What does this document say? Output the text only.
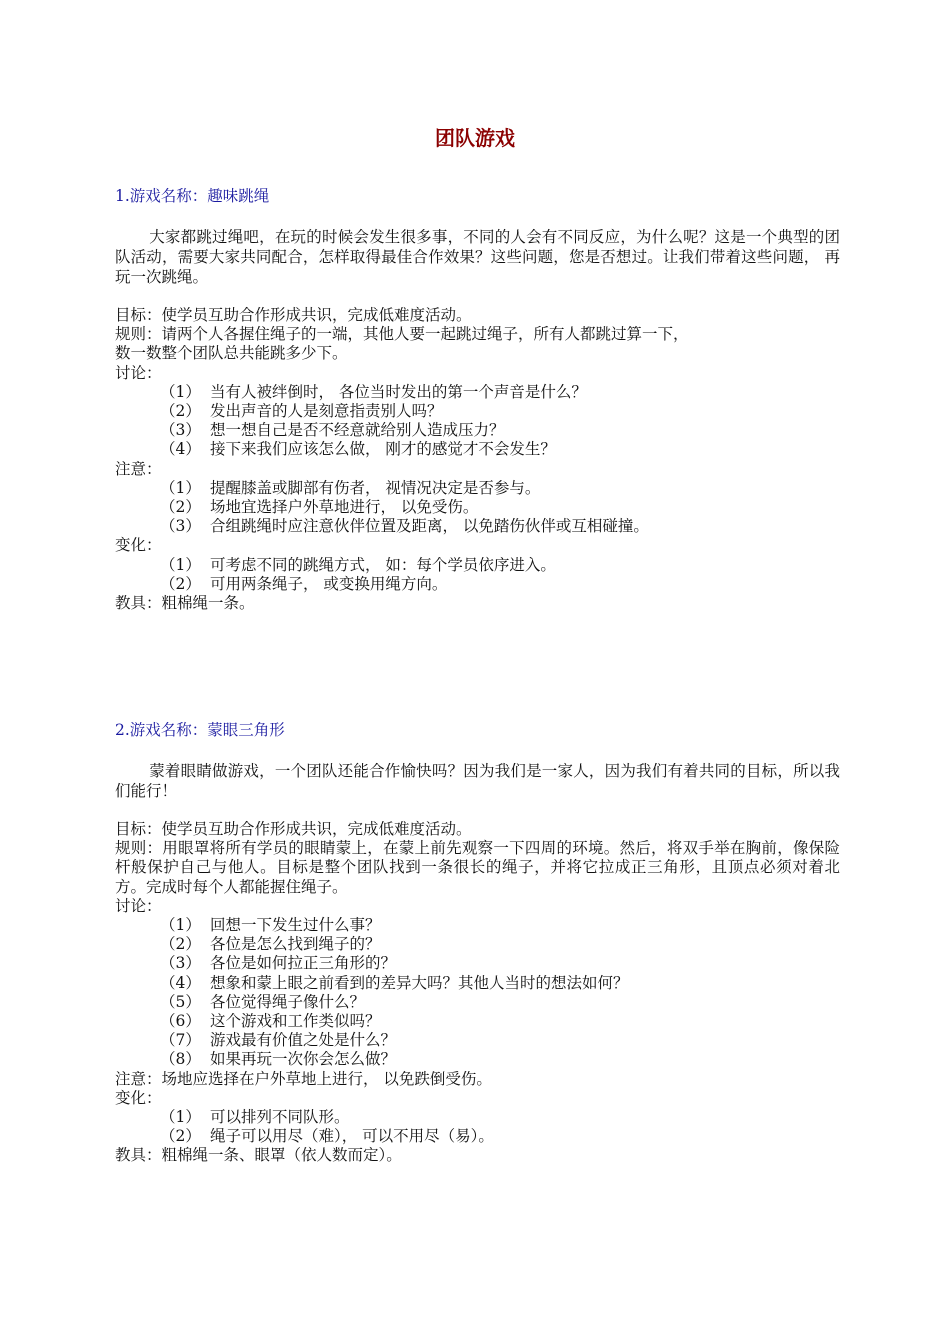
团队游戏
1.游戏名称：趣味跳绳
大家都跳过绳吧，在玩的时候会发生很多事，不同的人会有不同反应，为什么呢？这是一个典型的团队活动，需要大家共同配合，怎样取得最佳合作效果？这些问题，您是否想过。让我们带着这些问题， 再玩一次跳绳。
目标：使学员互助合作形成共识，完成低难度活动。
规则：请两个人各握住绳子的一端，其他人要一起跳过绳子，所有人都跳过算一下，
数一数整个团队总共能跳多少下。
讨论：
（1） 当有人被绊倒时， 各位当时发出的第一个声音是什么？
（2） 发出声音的人是刻意指责别人吗？
（3） 想一想自己是否不经意就给别人造成压力？
（4） 接下来我们应该怎么做， 刚才的感觉才不会发生？
注意：
（1） 提醒膝盖或脚部有伤者， 视情况决定是否参与。
（2） 场地宜选择户外草地进行， 以免受伤。
（3） 合组跳绳时应注意伙伴位置及距离， 以免踏伤伙伴或互相碰撞。
变化：
（1） 可考虑不同的跳绳方式， 如：每个学员依序进入。
（2） 可用两条绳子， 或变换用绳方向。
教具：粗棉绳一条。
2.游戏名称：蒙眼三角形
蒙着眼睛做游戏，一个团队还能合作愉快吗？因为我们是一家人，因为我们有着共同的目标，所以我们能行！
目标：使学员互助合作形成共识，完成低难度活动。
规则：用眼罩将所有学员的眼睛蒙上，在蒙上前先观察一下四周的环境。然后，将双手举在胸前，像保险杆般保护自己与他人。目标是整个团队找到一条很长的绳子，并将它拉成正三角形，且顶点必须对着北方。完成时每个人都能握住绳子。
讨论：
（1） 回想一下发生过什么事？
（2） 各位是怎么找到绳子的？
（3） 各位是如何拉正三角形的？
（4） 想象和蒙上眼之前看到的差异大吗？其他人当时的想法如何？
（5） 各位觉得绳子像什么？
（6） 这个游戏和工作类似吗？
（7） 游戏最有价值之处是什么？
（8） 如果再玩一次你会怎么做？
注意：场地应选择在户外草地上进行， 以免跌倒受伤。
变化：
（1） 可以排列不同队形。
（2） 绳子可以用尽（难）， 可以不用尽（易）。
教具：粗棉绳一条、眼罩（依人数而定）。
